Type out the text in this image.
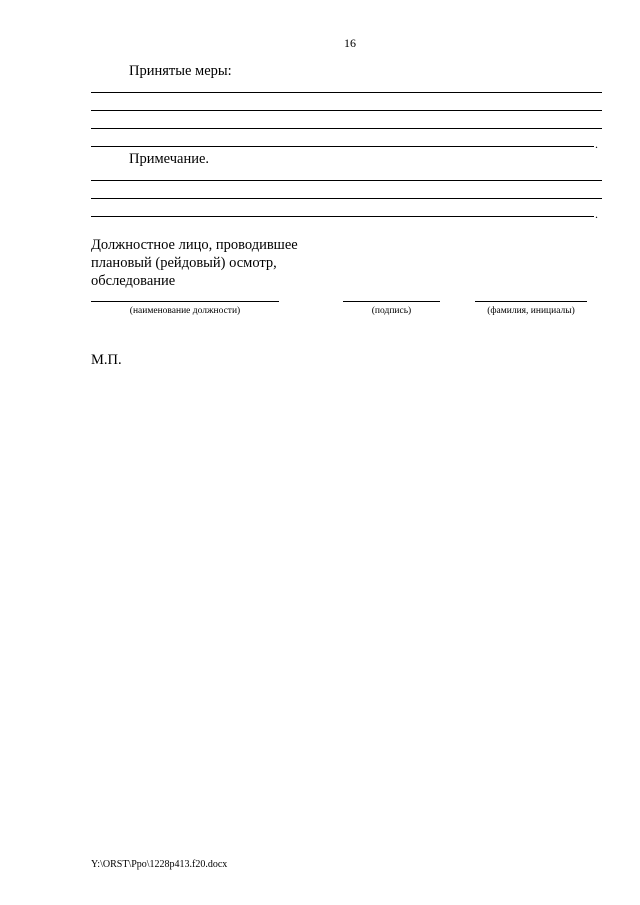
16
Принятые меры:
.
Примечание.
.
Должностное лицо, проводившее
плановый (рейдовый) осмотр,
обследование
(наименование должности)	(подпись)	(фамилия, инициалы)
М.П.
Y:\ORST\Ppo\1228p413.f20.docx
